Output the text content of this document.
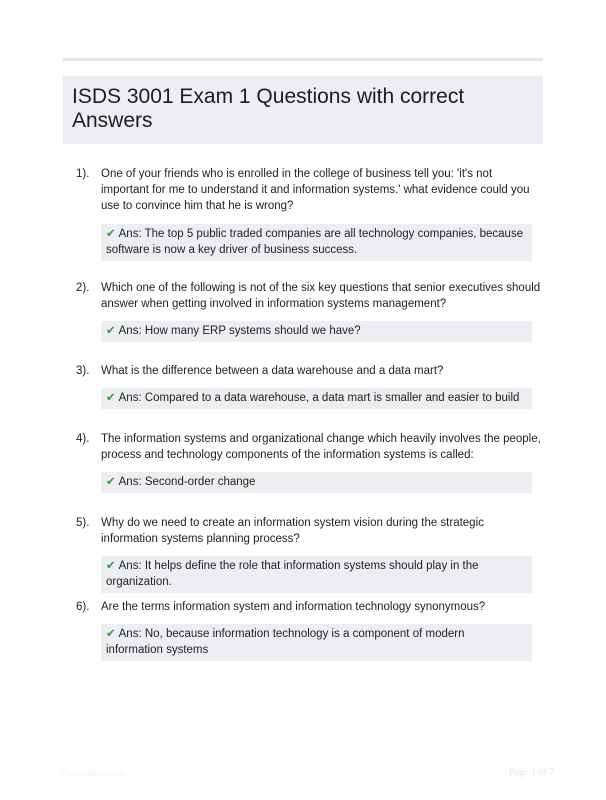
ISDS 3001 Exam 1 Questions with correct Answers
1). One of your friends who is enrolled in the college of business tell you: 'it's not important for me to understand it and information systems.' what evidence could you use to convince him that he is wrong?
✔ Ans: The top 5 public traded companies are all technology companies, because software is now a key driver of business success.
2). Which one of the following is not of the six key questions that senior executives should answer when getting involved in information systems management?
✔ Ans: How many ERP systems should we have?
3). What is the difference between a data warehouse and a data mart?
✔ Ans: Compared to a data warehouse, a data mart is smaller and easier to build
4). The information systems and organizational change which heavily involves the people, process and technology components of the information systems is called:
✔ Ans: Second-order change
5). Why do we need to create an information system vision during the strategic information systems planning process?
✔ Ans: It helps define the role that information systems should play in the organization.
6). Are the terms information system and information technology synonymous?
✔ Ans: No, because information technology is a component of modern information systems
PaperMatic.com	Page 1 of 7
